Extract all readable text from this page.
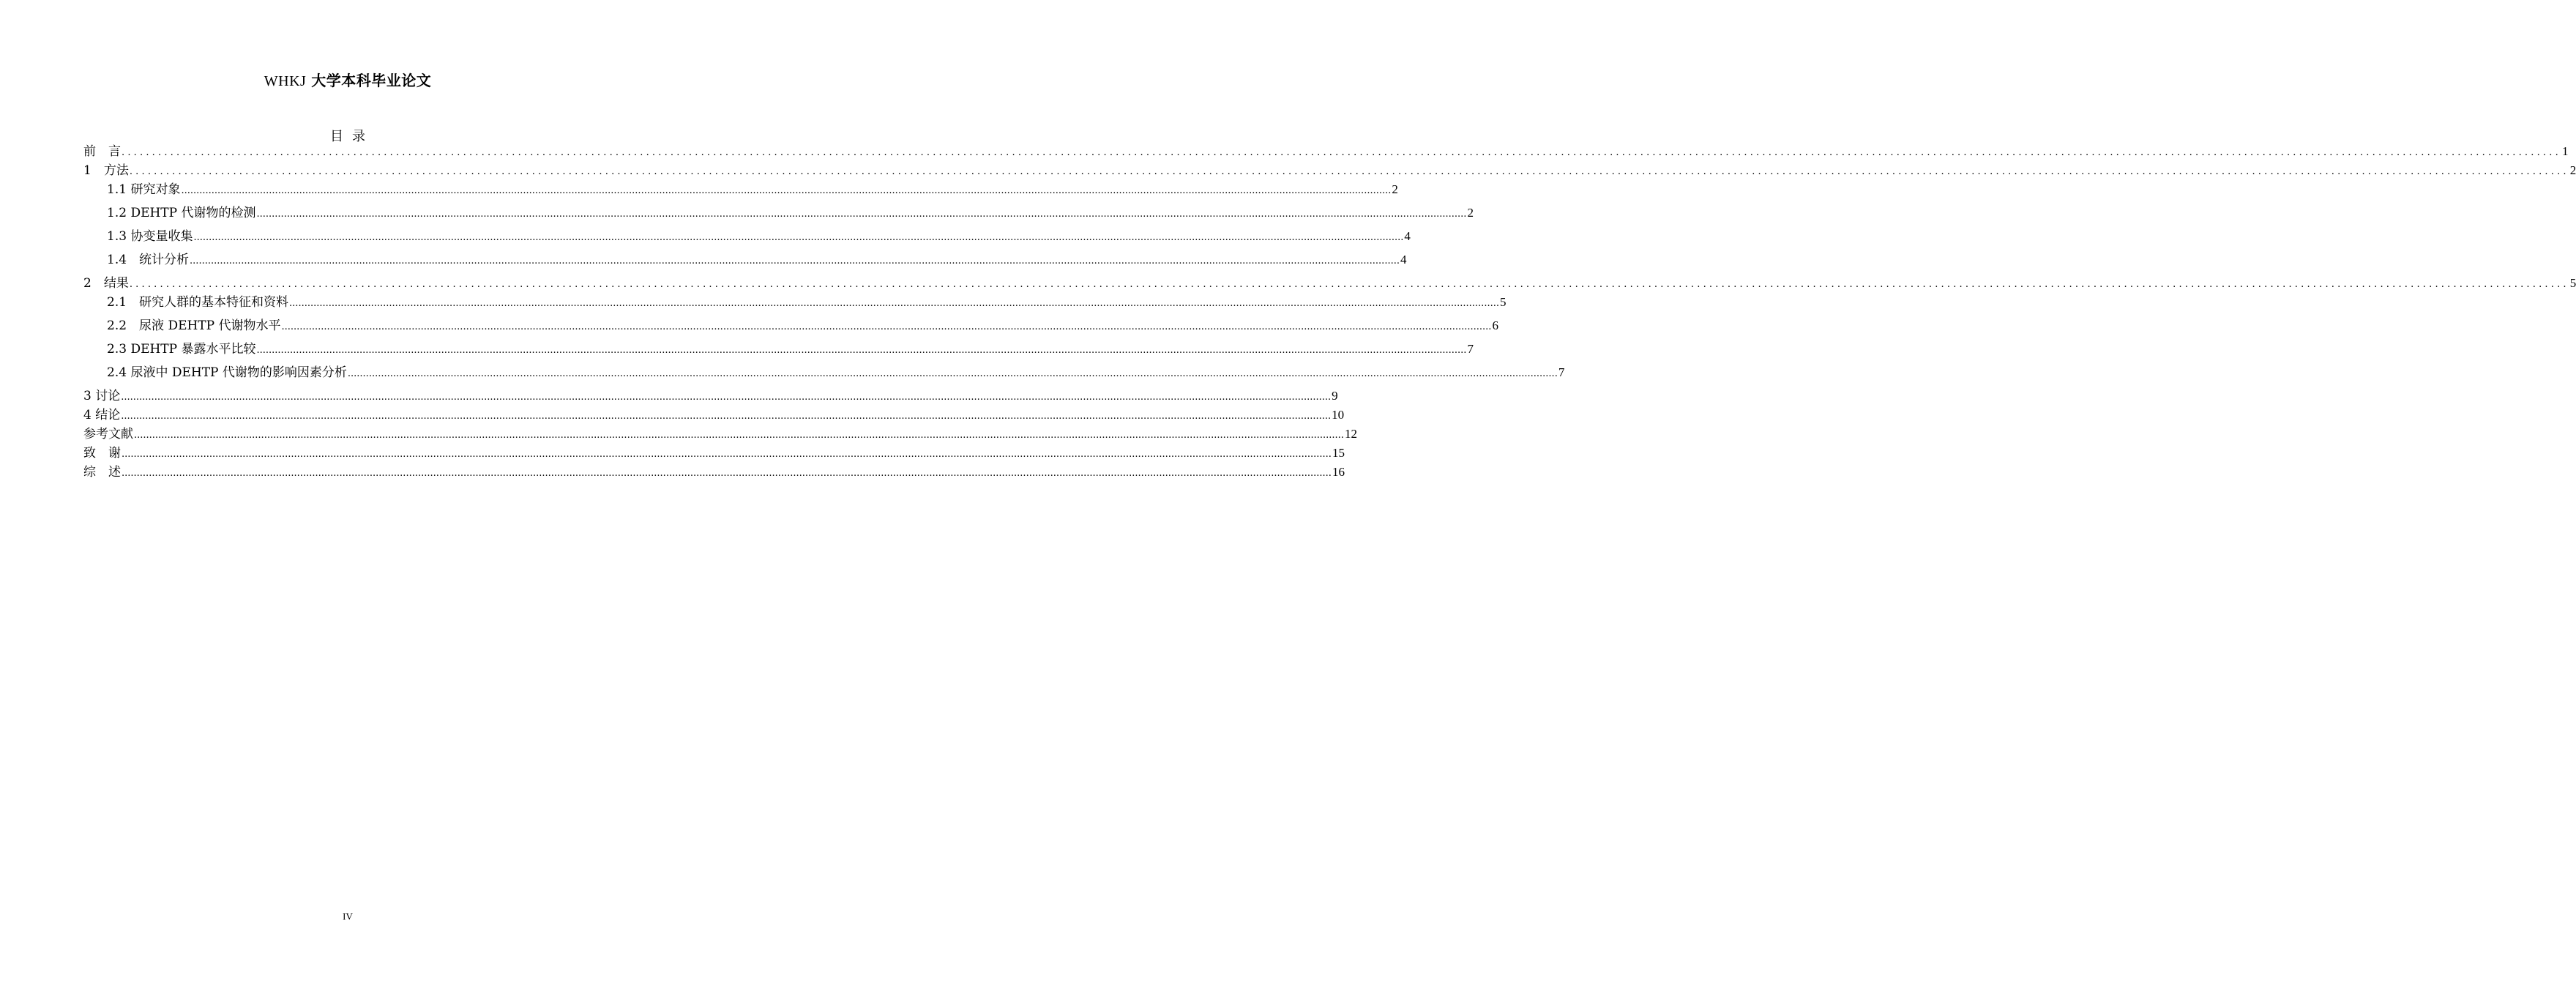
WHKJ 大学本科毕业论文
目录
前　言 ................................................................................................................................................................................................................................................................................................................................................................................................................ 1
1　方法 ................................................................................................................................................................................................................................................................................................................................................................................................................ 2
1.1 研究对象 ................................................................................................................................................................................................................................................................................................................................................................................................................ 2
1.2 DEHTP 代谢物的检测 ................................................................................................................................................................................................................................................................................................................................................................................................................ 2
1.3 协变量收集 ................................................................................................................................................................................................................................................................................................................................................................................................................ 4
1.4　统计分析 ................................................................................................................................................................................................................................................................................................................................................................................................................ 4
2　结果 ................................................................................................................................................................................................................................................................................................................................................................................................................ 5
2.1　研究人群的基本特征和资料 ................................................................................................................................................................................................................................................................................................................................................................................................................ 5
2.2　尿液 DEHTP 代谢物水平 ................................................................................................................................................................................................................................................................................................................................................................................................................ 6
2.3 DEHTP 暴露水平比较 ................................................................................................................................................................................................................................................................................................................................................................................................................ 7
2.4 尿液中 DEHTP 代谢物的影响因素分析 ................................................................................................................................................................................................................................................................................................................................................................................................................ 7
3 讨论 ................................................................................................................................................................................................................................................................................................................................................................................................................ 9
4 结论 ................................................................................................................................................................................................................................................................................................................................................................................................................ 10
参考文献 ................................................................................................................................................................................................................................................................................................................................................................................................................ 12
致　谢 ................................................................................................................................................................................................................................................................................................................................................................................................................ 15
综　述 ................................................................................................................................................................................................................................................................................................................................................................................................................ 16
IV
